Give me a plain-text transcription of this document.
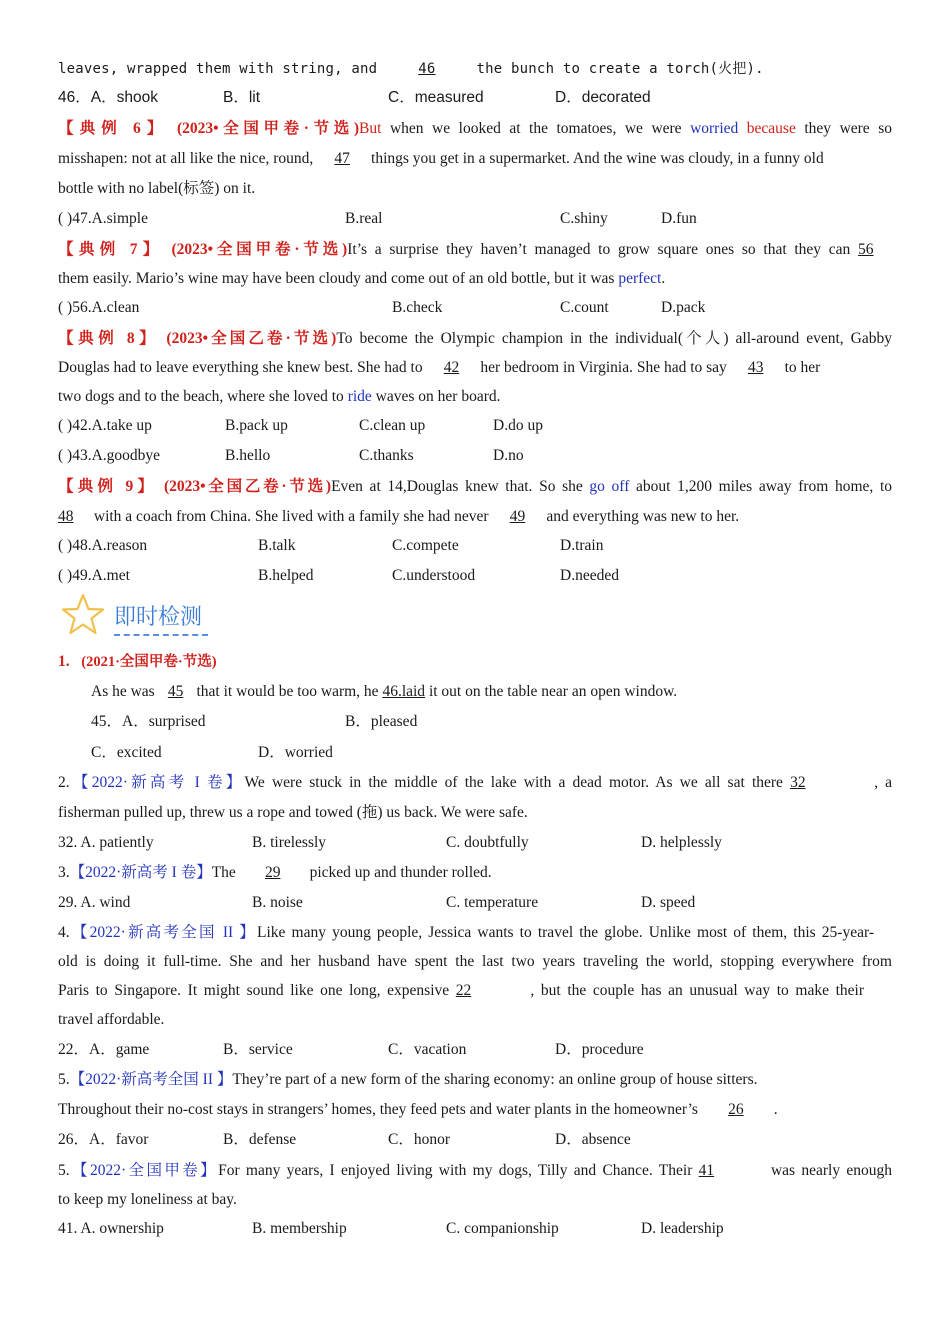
leaves, wrapped them with string, and 46 the bunch to create a torch(火把).
46．A．shook	B．lit	C．measured	D．decorated
【典例 6】 (2023•全国甲卷·节选)But when we looked at the tomatoes, we were worried because they were so
misshapen: not at all like the nice, round, 47 things you get in a supermarket. And the wine was cloudy, in a funny old
bottle with no label(标签) on it.
( )47.A.simple	B.real	C.shiny	D.fun
【典例 7】 (2023•全国甲卷·节选)It’s a surprise they haven’t managed to grow square ones so that they can 56
them easily. Mario’s wine may have been cloudy and come out of an old bottle, but it was perfect.
( )56.A.clean	B.check	C.count	D.pack
【典例 8】 (2023•全国乙卷·节选)To become the Olympic champion in the individual(个人) all-around event, Gabby
Douglas had to leave everything she knew best. She had to 42 her bedroom in Virginia. She had to say 43 to her
two dogs and to the beach, where she loved to ride waves on her board.
( )42.A.take up	B.pack up	C.clean up	D.do up
( )43.A.goodbye	B.hello	C.thanks	D.no
【典例 9】 (2023•全国乙卷·节选)Even at 14,Douglas knew that. So she go off about 1,200 miles away from home, to
48 with a coach from China. She lived with a family she had never 49 and everything was new to her.
( )48.A.reason	B.talk	C.compete	D.train
( )49.A.met	B.helped	C.understood	D.needed
即时检测
1. (2021·全国甲卷·节选)
As he was 45 that it would be too warm, he 46.laid it out on the table near an open window.
45．A．surprised	B．pleased
C．excited	D．worried
2.【2022·新高考 I 卷】We were stuck in the middle of the lake with a dead motor. As we all sat there 32	, a
fisherman pulled up, threw us a rope and towed (拖) us back. We were safe.
32. A. patiently	B. tirelessly	C. doubtfully	D. helplessly
3.【2022·新高考 I 卷】The 29 picked up and thunder rolled.
29. A. wind	B. noise	C. temperature	D. speed
4.【2022·新高考全国 II 】Like many young people, Jessica wants to travel the globe. Unlike most of them, this 25-year-
old is doing it full-time. She and her husband have spent the last two years traveling the world, stopping everywhere from
Paris to Singapore. It might sound like one long, expensive 22	, but the couple has an unusual way to make their
travel affordable.
22．A．game	B．service	C．vacation	D．procedure
5.【2022·新高考全国 II 】They’re part of a new form of the sharing economy: an online group of house sitters.
Throughout their no-cost stays in strangers’ homes, they feed pets and water plants in the homeowner’s 26 .
26．A．favor	B．defense	C．honor	D．absence
5.【2022·全国甲卷】For many years, I enjoyed living with my dogs, Tilly and Chance. Their 41	was nearly enough
to keep my loneliness at bay.
41. A. ownership	B. membership	C. companionship	D. leadership
